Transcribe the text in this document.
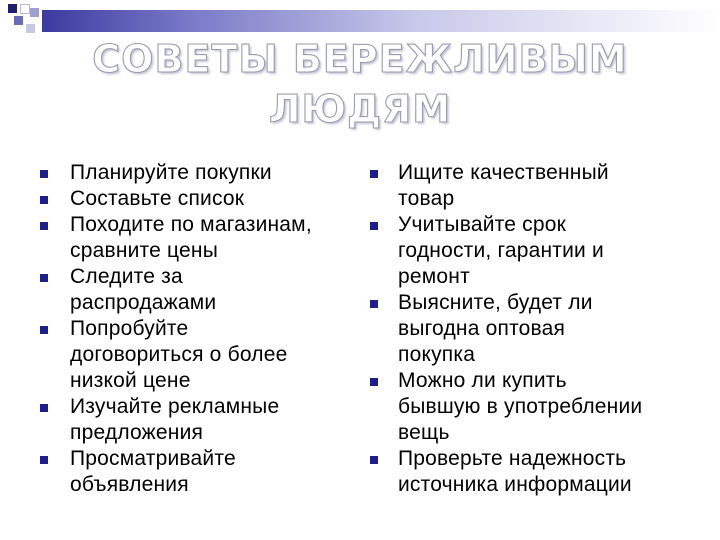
СОВЕТЫ БЕРЕЖЛИВЫМ ЛЮДЯМ
Планируйте покупки
Составьте список
Походите по магазинам,
сравните цены
Следите за
распродажами
Попробуйте
договориться о более
низкой цене
Изучайте рекламные
предложения
Просматривайте
объявления
Ищите качественный
товар
Учитывайте срок
годности, гарантии и
ремонт
Выясните, будет ли
выгодна оптовая
покупка
Можно ли купить
бывшую в употреблении
вещь
Проверьте надежность
источника информации
